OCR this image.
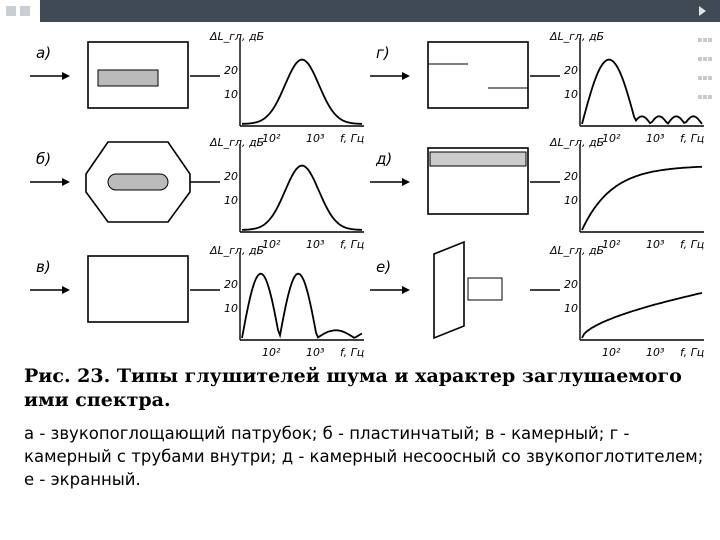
а)
ΔL_гл, дБ
20
10
10² 10³ f, Гц
б)
ΔL_гл, дБ
20
10
10² 10³ f, Гц
в)
ΔL_гл, дБ
20
10
10² 10³ f, Гц
г)
ΔL_гл, дБ
20
10
10² 10³ f, Гц
д)
ΔL_гл, дБ
20
10
10² 10³ f, Гц
е)
ΔL_гл, дБ
20
10
10² 10³ f, Гц

Рис. 23. Типы глушителей шума и характер заглушаемого ими спектра.

а - звукопоглощающий патрубок; б - пластинчатый; в - камерный; г - камерный с трубами внутри; д - камерный несоосный со звукопоглотителем; е - экранный.
